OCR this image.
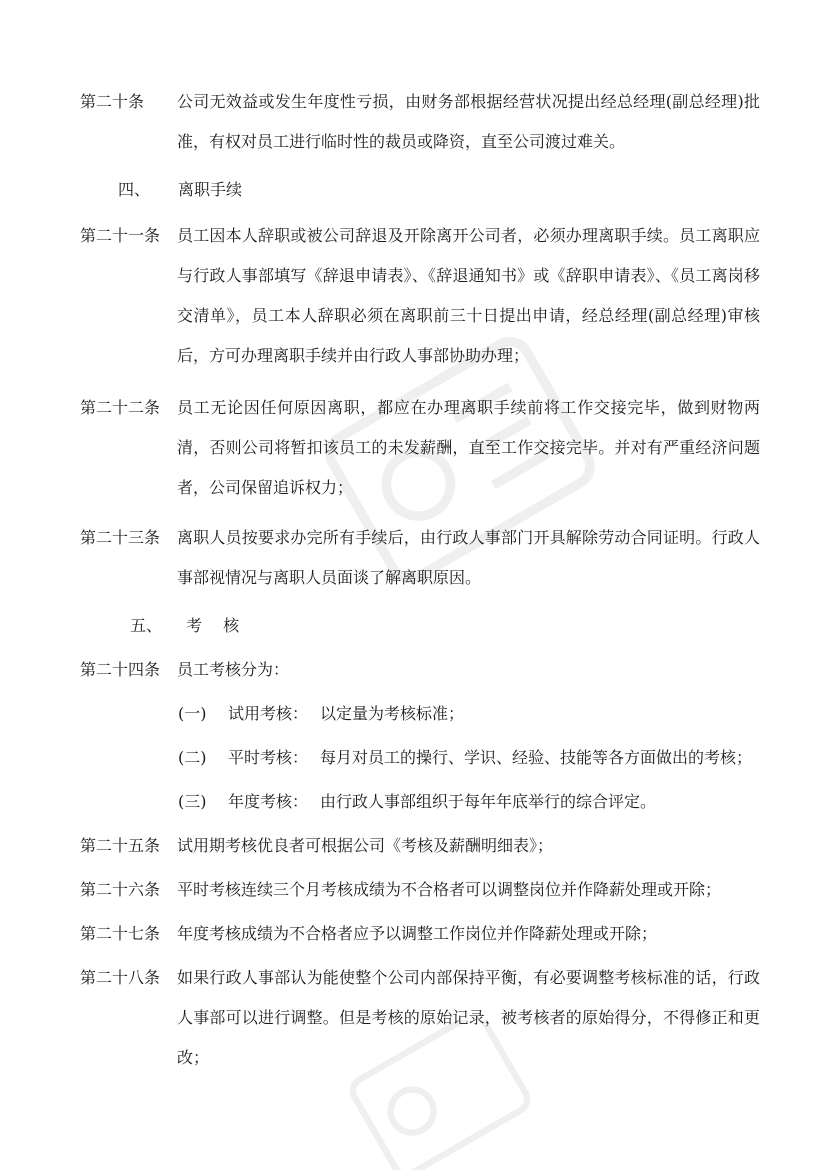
第二十条 公司无效益或发生年度性亏损，由财务部根据经营状况提出经总经理(副总经理)批准，有权对员工进行临时性的裁员或降资，直至公司渡过难关。
四、 离职手续
第二十一条 员工因本人辞职或被公司辞退及开除离开公司者，必须办理离职手续。员工离职应与行政人事部填写《辞退申请表》、《辞退通知书》或《辞职申请表》、《员工离岗移交清单》，员工本人辞职必须在离职前三十日提出申请，经总经理(副总经理)审核后，方可办理离职手续并由行政人事部协助办理；
第二十二条 员工无论因任何原因离职，都应在办理离职手续前将工作交接完毕，做到财物两清，否则公司将暂扣该员工的未发薪酬，直至工作交接完毕。并对有严重经济问题者，公司保留追诉权力；
第二十三条 离职人员按要求办完所有手续后，由行政人事部门开具解除劳动合同证明。行政人事部视情况与离职人员面谈了解离职原因。
五、 考　 核
第二十四条 员工考核分为：
(一) 试用考核： 以定量为考核标准；
(二) 平时考核： 每月对员工的操行、学识、经验、技能等各方面做出的考核；
(三) 年度考核： 由行政人事部组织于每年年底举行的综合评定。
第二十五条 试用期考核优良者可根据公司《考核及薪酬明细表》；
第二十六条 平时考核连续三个月考核成绩为不合格者可以调整岗位并作降薪处理或开除；
第二十七条 年度考核成绩为不合格者应予以调整工作岗位并作降薪处理或开除；
第二十八条 如果行政人事部认为能使整个公司内部保持平衡，有必要调整考核标准的话，行政人事部可以进行调整。但是考核的原始记录，被考核者的原始得分，不得修正和更改；
